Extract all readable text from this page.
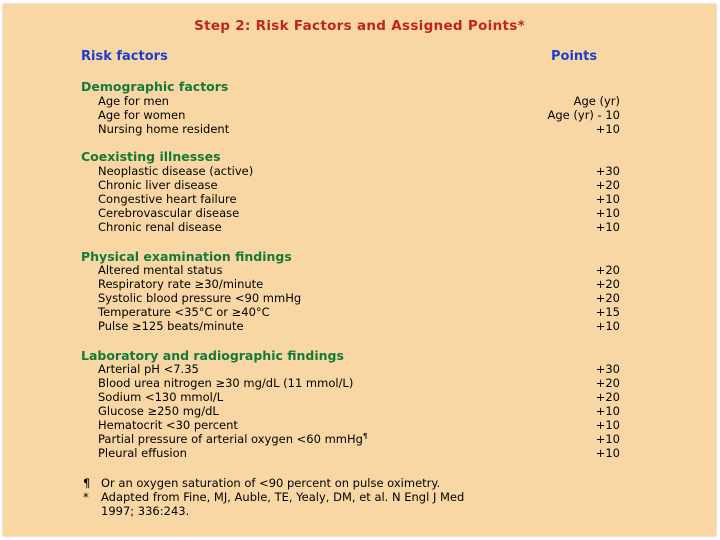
Step 2: Risk Factors and Assigned Points*
Risk factors	Points
Demographic factors
Age for men	Age (yr)
Age for women	Age (yr) - 10
Nursing home resident	+10
Coexisting illnesses
Neoplastic disease (active)	+30
Chronic liver disease	+20
Congestive heart failure	+10
Cerebrovascular disease	+10
Chronic renal disease	+10
Physical examination findings
Altered mental status	+20
Respiratory rate ≥30/minute	+20
Systolic blood pressure <90 mmHg	+20
Temperature <35°C or ≥40°C	+15
Pulse ≥125 beats/minute	+10
Laboratory and radiographic findings
Arterial pH <7.35	+30
Blood urea nitrogen ≥30 mg/dL (11 mmol/L)	+20
Sodium <130 mmol/L	+20
Glucose ≥250 mg/dL	+10
Hematocrit <30 percent	+10
Partial pressure of arterial oxygen <60 mmHg¶	+10
Pleural effusion	+10
¶ Or an oxygen saturation of <90 percent on pulse oximetry.
* Adapted from Fine, MJ, Auble, TE, Yealy, DM, et al. N Engl J Med
1997; 336:243.
